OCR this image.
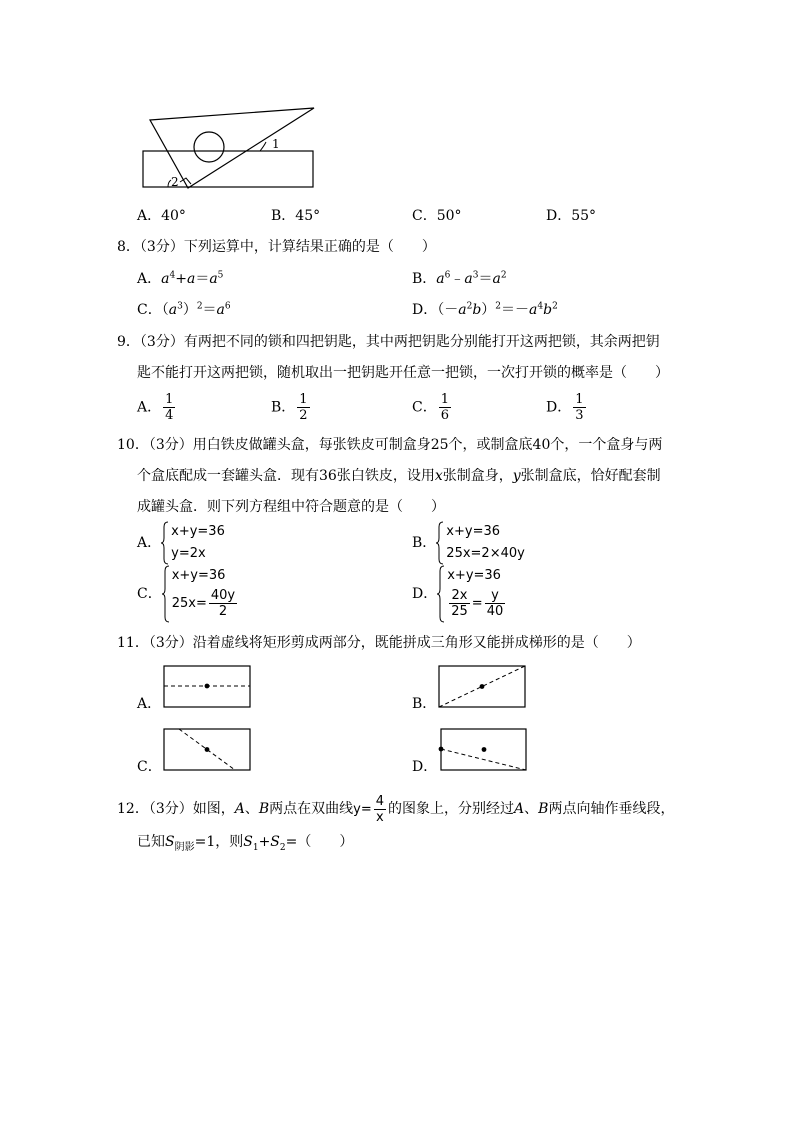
1
2
A．40°	B．45°	C．50°	D．55°
8．（3分）下列运算中，计算结果正确的是（　　）
A．$a^4+a=a^5$	B．$a^6﹣a^3=a^2$
C．$(a^3)^2=a^6$	D．$(-a^2b)^2=-a^4b^2$
9．（3分）有两把不同的锁和四把钥匙，其中两把钥匙分别能打开这两把锁，其余两把钥
匙不能打开这两把锁，随机取出一把钥匙开任意一把锁，一次打开锁的概率是（　　）
A． $\frac{1}{4}$	B． $\frac{1}{2}$	C． $\frac{1}{6}$	D． $\frac{1}{3}$
10．（3分）用白铁皮做罐头盒，每张铁皮可制盒身25个，或制盒底40个，一个盒身与两
个盒底配成一套罐头盒．现有36张白铁皮，设用x张制盒身，y张制盒底，恰好配套制
成罐头盒．则下列方程组中符合题意的是（　　）
A．
x+y=36
y=2x
B．
x+y=36
25x=2×40y
C．
x+y=36
$25x= \frac{40y}{2}$	D．
x+y=36
$\frac{2x}{25} = \frac{y}{40}$
11．（3分）沿着虚线将矩形剪成两部分，既能拼成三角形又能拼成梯形的是（　　）
A．	B．
C．	D．
12．（3分）如图，A、B两点在双曲线$y= \frac{4}{x}$ 的图象上，分别经过A、B两点向轴作垂线段，
已知$S_{阴影}=1$，则$S_1+S_2=$（　　）
